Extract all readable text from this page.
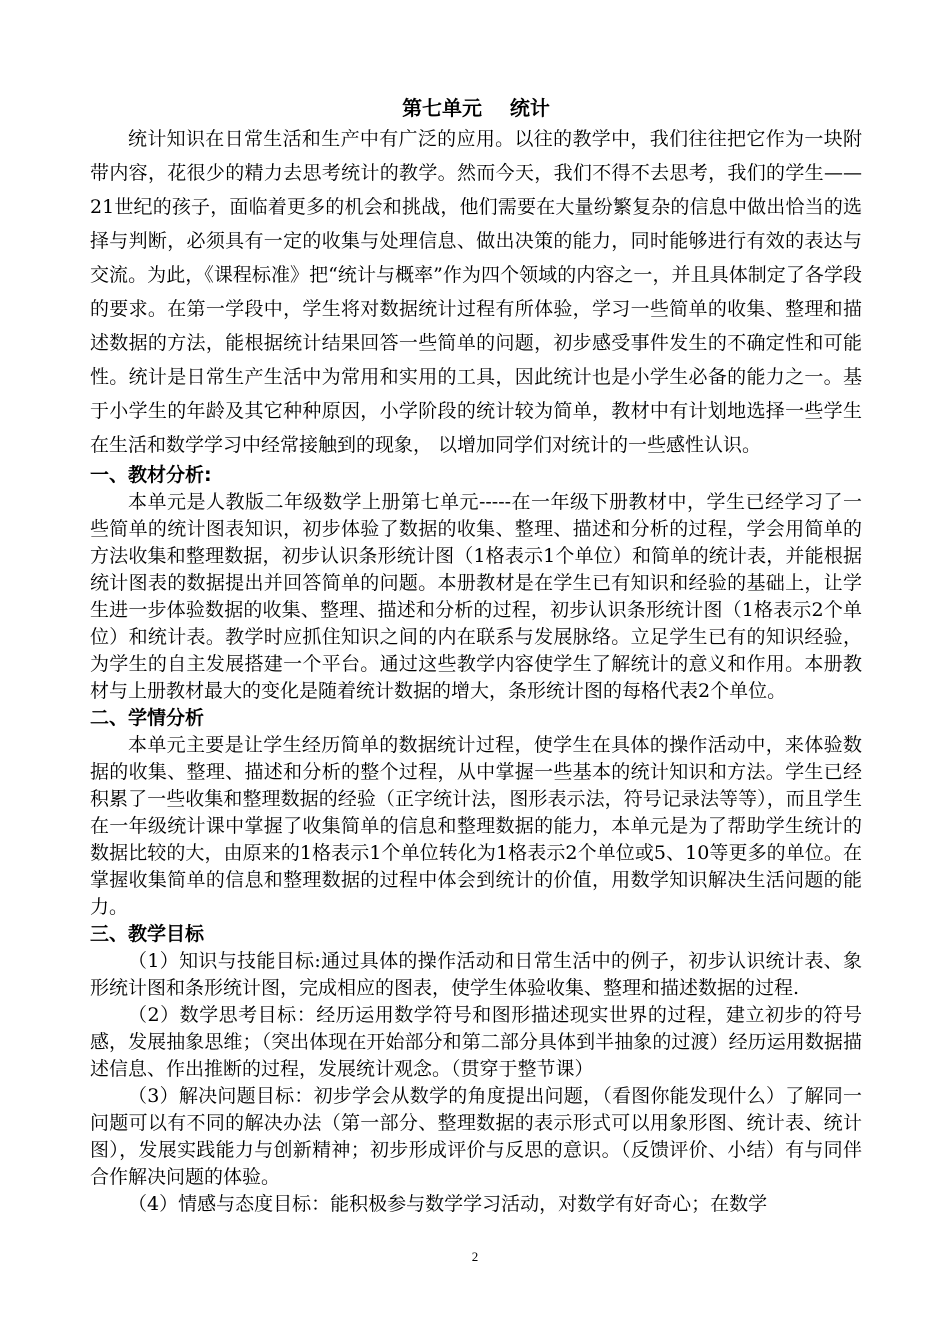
第七单元    统计

统计知识在日常生活和生产中有广泛的应用。以往的教学中，我们往往把它作为一块附带内容，花很少的精力去思考统计的教学。然而今天，我们不得不去思考，我们的学生——21世纪的孩子，面临着更多的机会和挑战，他们需要在大量纷繁复杂的信息中做出恰当的选择与判断，必须具有一定的收集与处理信息、做出决策的能力，同时能够进行有效的表达与交流。为此，《课程标准》把“统计与概率”作为四个领域的内容之一，并且具体制定了各学段的要求。在第一学段中，学生将对数据统计过程有所体验，学习一些简单的收集、整理和描述数据的方法，能根据统计结果回答一些简单的问题，初步感受事件发生的不确定性和可能性。统计是日常生产生活中为常用和实用的工具，因此统计也是小学生必备的能力之一。基于小学生的年龄及其它种种原因，小学阶段的统计较为简单，教材中有计划地选择一些学生在生活和数学学习中经常接触到的现象， 以增加同学们对统计的一些感性认识。

一、教材分析:

本单元是人教版二年级数学上册第七单元-----在一年级下册教材中，学生已经学习了一些简单的统计图表知识，初步体验了数据的收集、整理、描述和分析的过程，学会用简单的方法收集和整理数据，初步认识条形统计图（1格表示1个单位）和简单的统计表，并能根据统计图表的数据提出并回答简单的问题。本册教材是在学生已有知识和经验的基础上，让学生进一步体验数据的收集、整理、描述和分析的过程，初步认识条形统计图（1格表示2个单位）和统计表。教学时应抓住知识之间的内在联系与发展脉络。立足学生已有的知识经验，为学生的自主发展搭建一个平台。通过这些教学内容使学生了解统计的意义和作用。本册教材与上册教材最大的变化是随着统计数据的增大，条形统计图的每格代表2个单位。

二、学情分析

本单元主要是让学生经历简单的数据统计过程，使学生在具体的操作活动中，来体验数据的收集、整理、描述和分析的整个过程，从中掌握一些基本的统计知识和方法。学生已经积累了一些收集和整理数据的经验（正字统计法，图形表示法，符号记录法等等），而且学生在一年级统计课中掌握了收集简单的信息和整理数据的能力，本单元是为了帮助学生统计的数据比较的大，由原来的1格表示1个单位转化为1格表示2个单位或5、10等更多的单位。在掌握收集简单的信息和整理数据的过程中体会到统计的价值，用数学知识解决生活问题的能力。

三、教学目标

（1）知识与技能目标:通过具体的操作活动和日常生活中的例子，初步认识统计表、象形统计图和条形统计图，完成相应的图表，使学生体验收集、整理和描述数据的过程.

（2）数学思考目标：经历运用数学符号和图形描述现实世界的过程，建立初步的符号感，发展抽象思维；（突出体现在开始部分和第二部分具体到半抽象的过渡）经历运用数据描述信息、作出推断的过程，发展统计观念。（贯穿于整节课）

（3）解决问题目标：初步学会从数学的角度提出问题，（看图你能发现什么）了解同一问题可以有不同的解决办法（第一部分、整理数据的表示形式可以用象形图、统计表、统计图），发展实践能力与创新精神；初步形成评价与反思的意识。（反馈评价、小结）有与同伴合作解决问题的体验。

（4）情感与态度目标：能积极参与数学学习活动，对数学有好奇心；在数学

2
